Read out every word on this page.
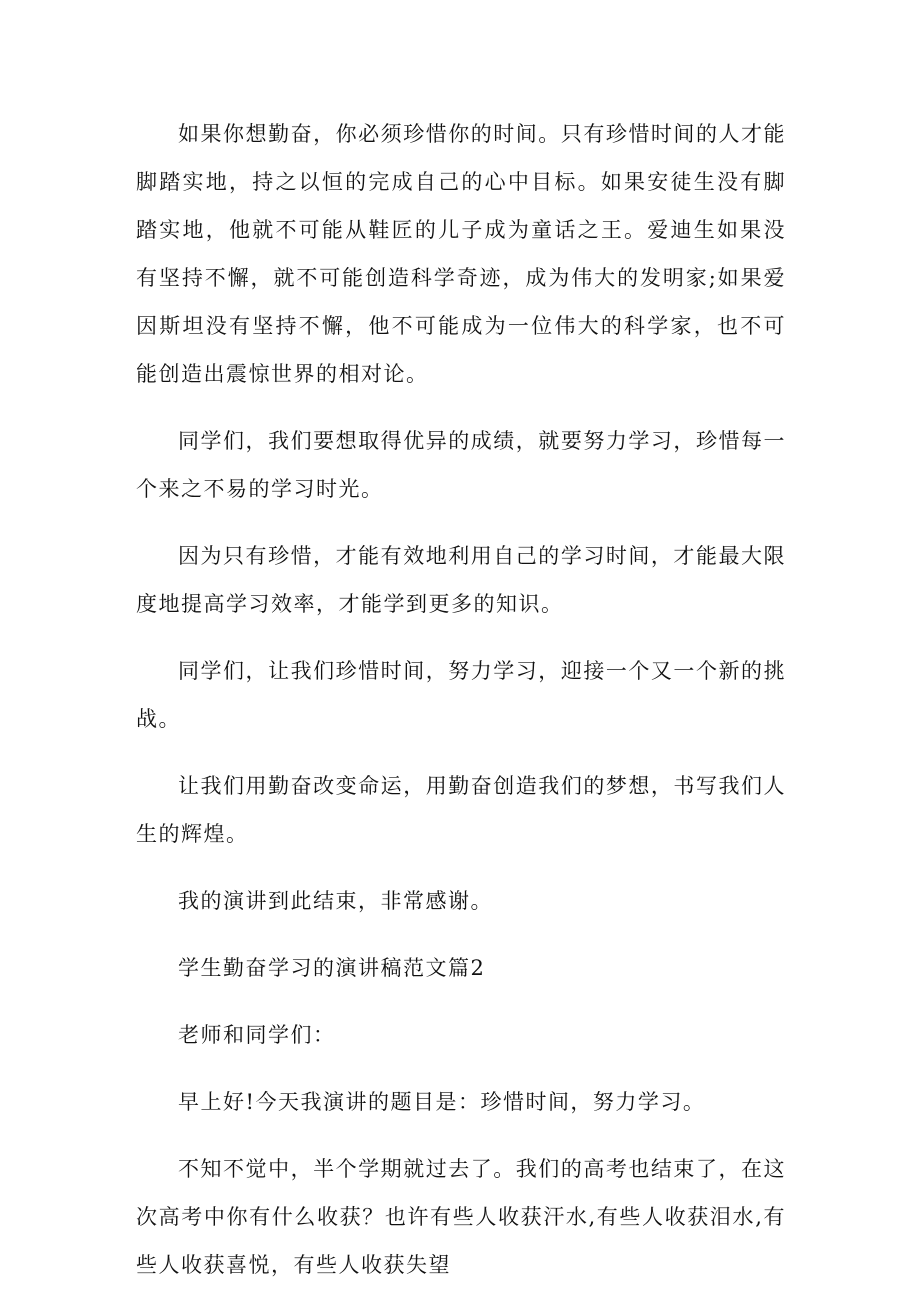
如果你想勤奋，你必须珍惜你的时间。只有珍惜时间的人才能脚踏实地，持之以恒的完成自己的心中目标。如果安徒生没有脚踏实地，他就不可能从鞋匠的儿子成为童话之王。爱迪生如果没有坚持不懈，就不可能创造科学奇迹，成为伟大的发明家;如果爱因斯坦没有坚持不懈，他不可能成为一位伟大的科学家，也不可能创造出震惊世界的相对论。

同学们，我们要想取得优异的成绩，就要努力学习，珍惜每一个来之不易的学习时光。

因为只有珍惜，才能有效地利用自己的学习时间，才能最大限度地提高学习效率，才能学到更多的知识。

同学们，让我们珍惜时间，努力学习，迎接一个又一个新的挑战。

让我们用勤奋改变命运，用勤奋创造我们的梦想，书写我们人生的辉煌。

我的演讲到此结束，非常感谢。

学生勤奋学习的演讲稿范文篇2

老师和同学们：

早上好!今天我演讲的题目是：珍惜时间，努力学习。

不知不觉中，半个学期就过去了。我们的高考也结束了，在这次高考中你有什么收获？也许有些人收获汗水,有些人收获泪水,有些人收获喜悦，有些人收获失望
